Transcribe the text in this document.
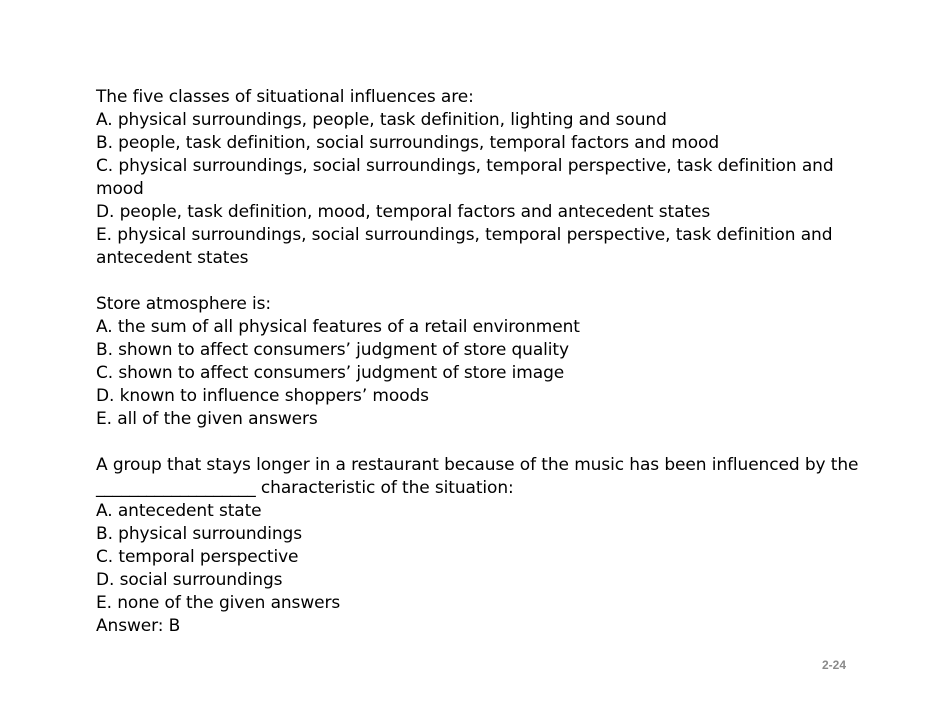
The five classes of situational influences are:
A. physical surroundings, people, task definition, lighting and sound
B. people, task definition, social surroundings, temporal factors and mood
C. physical surroundings, social surroundings, temporal perspective, task definition and
mood
D. people, task definition, mood, temporal factors and antecedent states
E. physical surroundings, social surroundings, temporal perspective, task definition and
antecedent states
Store atmosphere is:
A. the sum of all physical features of a retail environment
B. shown to affect consumers’ judgment of store quality
C. shown to affect consumers’ judgment of store image
D. known to influence shoppers’ moods
E. all of the given answers
A group that stays longer in a restaurant because of the music has been influenced by the
___________________ characteristic of the situation:
A. antecedent state
B. physical surroundings
C. temporal perspective
D. social surroundings
E. none of the given answers
Answer: B
2-24
